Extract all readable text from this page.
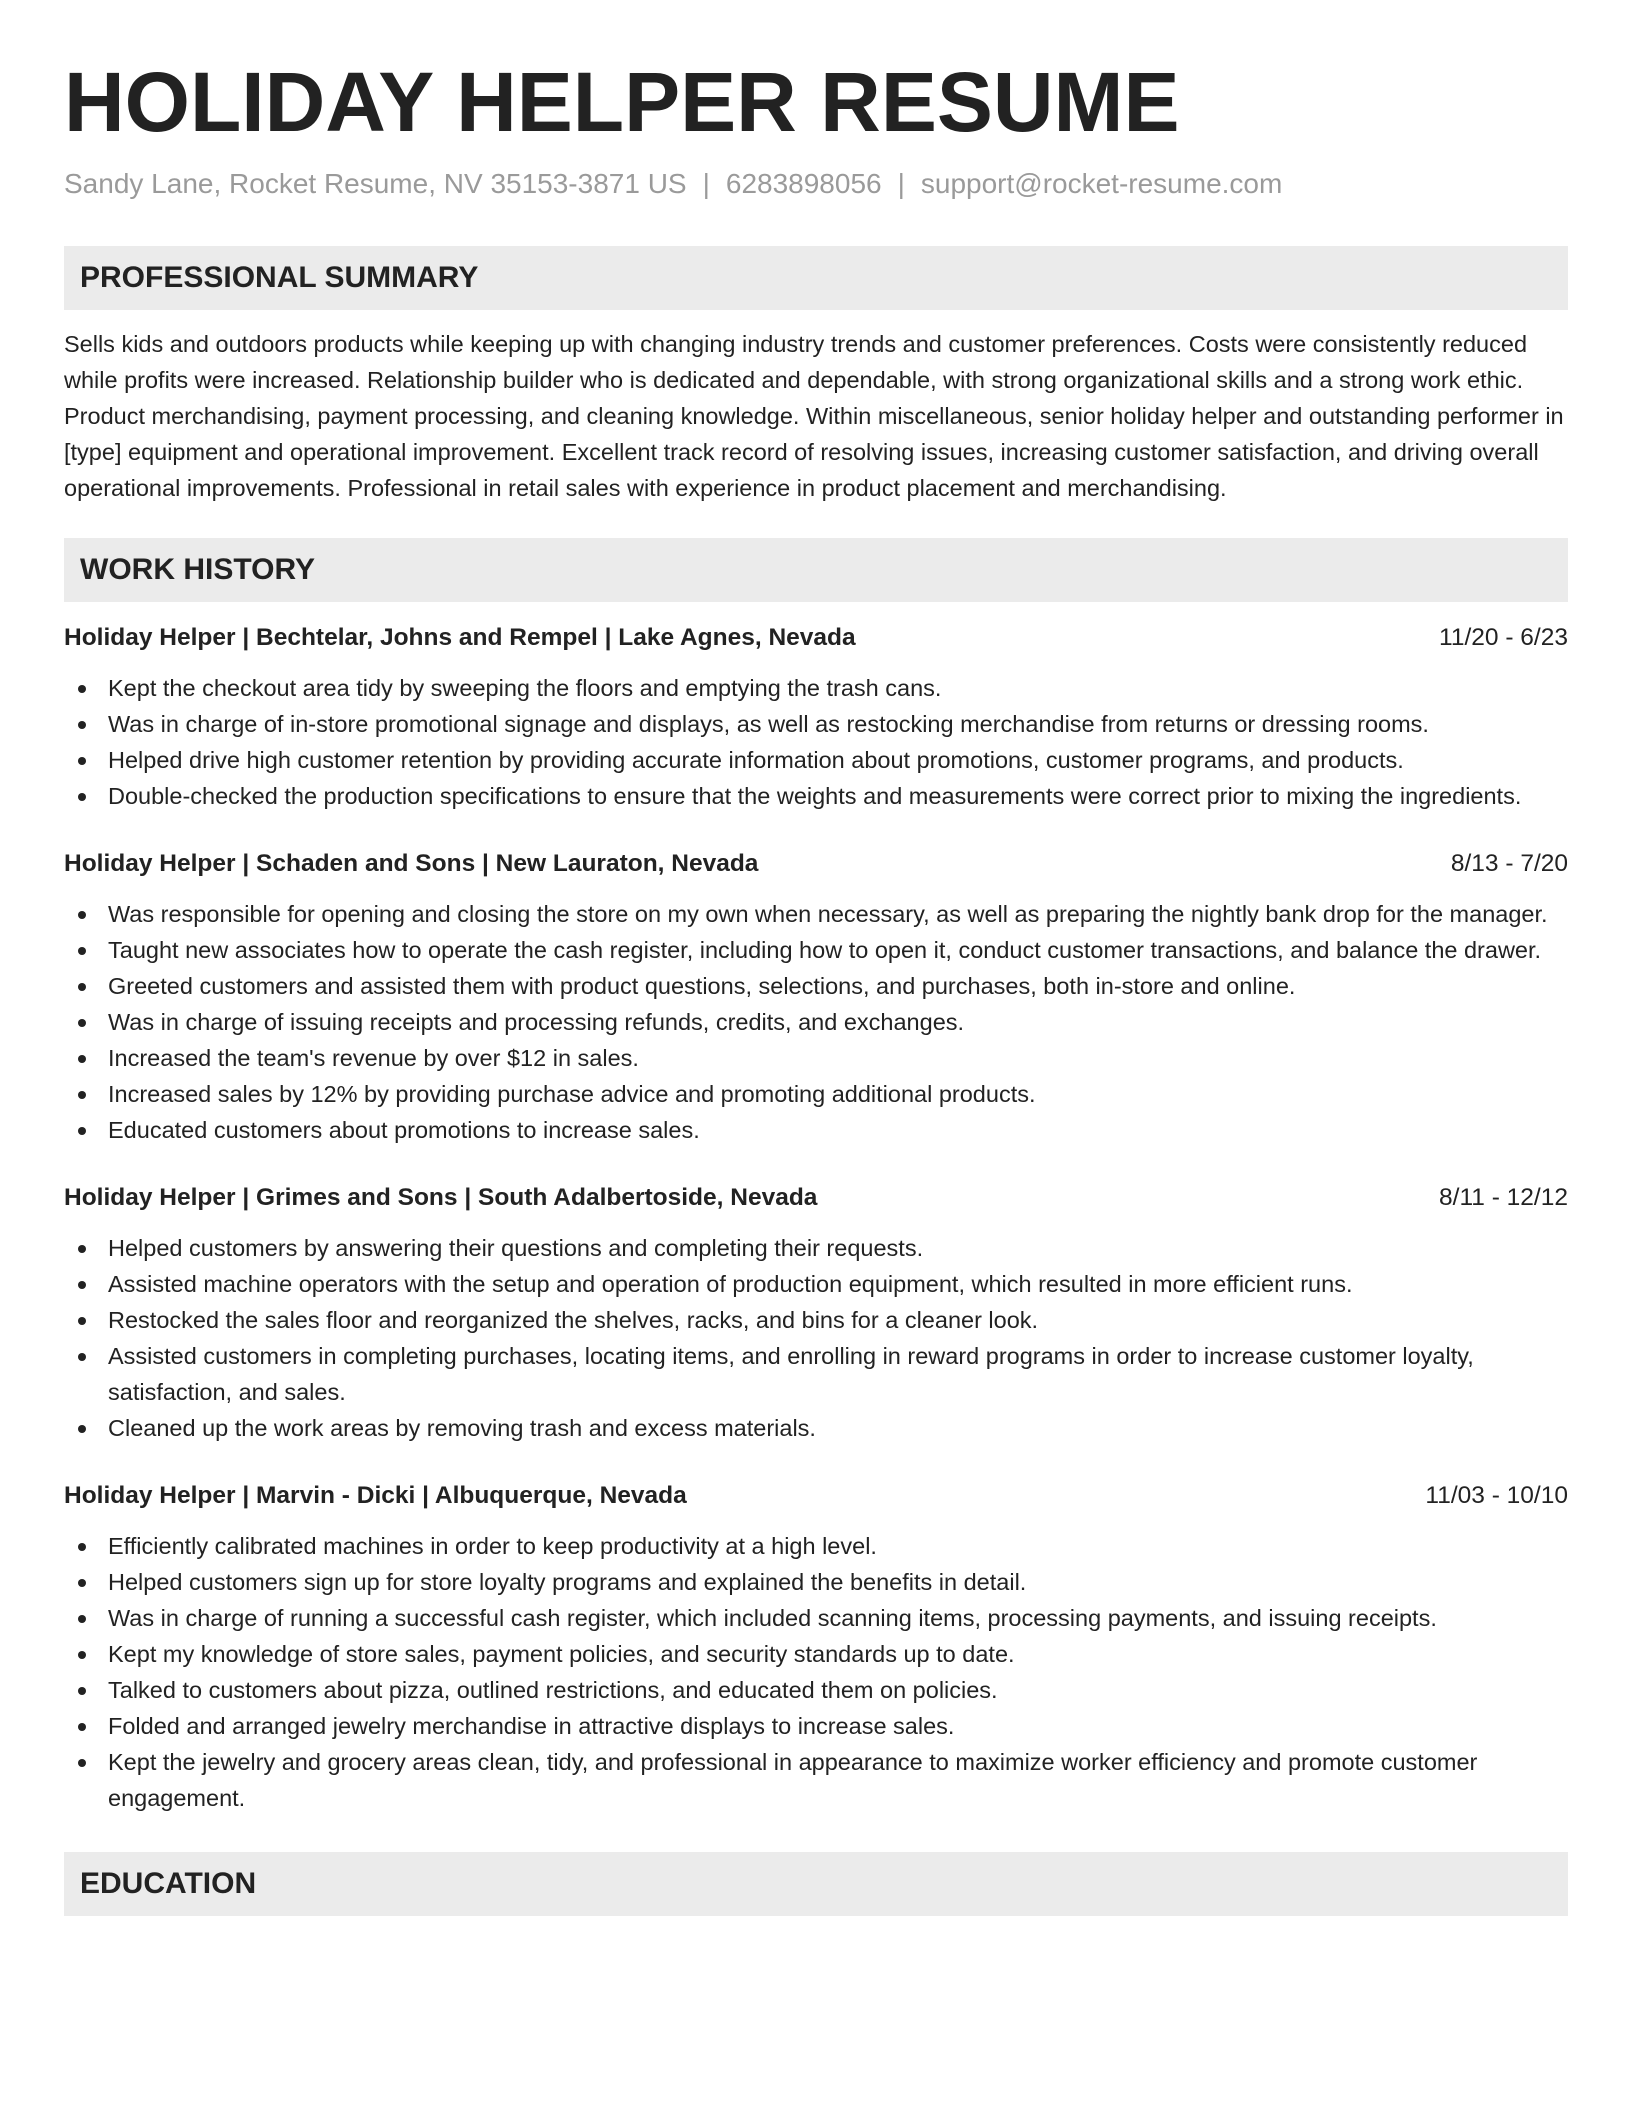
HOLIDAY HELPER RESUME
Sandy Lane, Rocket Resume, NV 35153-3871 US | 6283898056 | support@rocket-resume.com
PROFESSIONAL SUMMARY
Sells kids and outdoors products while keeping up with changing industry trends and customer preferences. Costs were consistently reduced while profits were increased. Relationship builder who is dedicated and dependable, with strong organizational skills and a strong work ethic. Product merchandising, payment processing, and cleaning knowledge. Within miscellaneous, senior holiday helper and outstanding performer in [type] equipment and operational improvement. Excellent track record of resolving issues, increasing customer satisfaction, and driving overall operational improvements. Professional in retail sales with experience in product placement and merchandising.
WORK HISTORY
Holiday Helper | Bechtelar, Johns and Rempel | Lake Agnes, Nevada	11/20 - 6/23
Kept the checkout area tidy by sweeping the floors and emptying the trash cans.
Was in charge of in-store promotional signage and displays, as well as restocking merchandise from returns or dressing rooms.
Helped drive high customer retention by providing accurate information about promotions, customer programs, and products.
Double-checked the production specifications to ensure that the weights and measurements were correct prior to mixing the ingredients.
Holiday Helper | Schaden and Sons | New Lauraton, Nevada	8/13 - 7/20
Was responsible for opening and closing the store on my own when necessary, as well as preparing the nightly bank drop for the manager.
Taught new associates how to operate the cash register, including how to open it, conduct customer transactions, and balance the drawer.
Greeted customers and assisted them with product questions, selections, and purchases, both in-store and online.
Was in charge of issuing receipts and processing refunds, credits, and exchanges.
Increased the team's revenue by over $12 in sales.
Increased sales by 12% by providing purchase advice and promoting additional products.
Educated customers about promotions to increase sales.
Holiday Helper | Grimes and Sons | South Adalbertoside, Nevada	8/11 - 12/12
Helped customers by answering their questions and completing their requests.
Assisted machine operators with the setup and operation of production equipment, which resulted in more efficient runs.
Restocked the sales floor and reorganized the shelves, racks, and bins for a cleaner look.
Assisted customers in completing purchases, locating items, and enrolling in reward programs in order to increase customer loyalty, satisfaction, and sales.
Cleaned up the work areas by removing trash and excess materials.
Holiday Helper | Marvin - Dicki | Albuquerque, Nevada	11/03 - 10/10
Efficiently calibrated machines in order to keep productivity at a high level.
Helped customers sign up for store loyalty programs and explained the benefits in detail.
Was in charge of running a successful cash register, which included scanning items, processing payments, and issuing receipts.
Kept my knowledge of store sales, payment policies, and security standards up to date.
Talked to customers about pizza, outlined restrictions, and educated them on policies.
Folded and arranged jewelry merchandise in attractive displays to increase sales.
Kept the jewelry and grocery areas clean, tidy, and professional in appearance to maximize worker efficiency and promote customer engagement.
EDUCATION
